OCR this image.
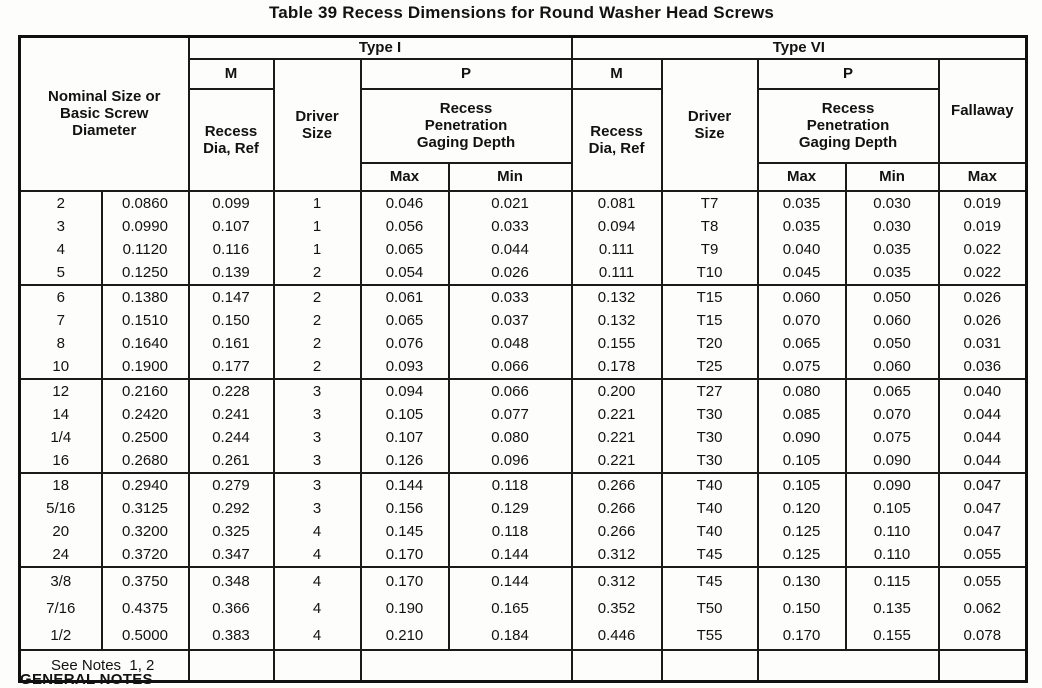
Table 39 Recess Dimensions for Round Washer Head Screws
Nominal Size or Basic Screw Diameter		Type I				Type VI				
		M	Driver Size	P		M	Driver Size	P		Fallaway
		Recess Dia, Ref		Recess Penetration Gaging Depth		Recess Dia, Ref		Recess Penetration Gaging Depth		
				Max	Min			Max	Min	Max
2	0.0860	0.099	1	0.046	0.021	0.081	T7	0.035	0.030	0.019
3	0.0990	0.107	1	0.056	0.033	0.094	T8	0.035	0.030	0.019
4	0.1120	0.116	1	0.065	0.044	0.111	T9	0.040	0.035	0.022
5	0.1250	0.139	2	0.054	0.026	0.111	T10	0.045	0.035	0.022
6	0.1380	0.147	2	0.061	0.033	0.132	T15	0.060	0.050	0.026
7	0.1510	0.150	2	0.065	0.037	0.132	T15	0.070	0.060	0.026
8	0.1640	0.161	2	0.076	0.048	0.155	T20	0.065	0.050	0.031
10	0.1900	0.177	2	0.093	0.066	0.178	T25	0.075	0.060	0.036
12	0.2160	0.228	3	0.094	0.066	0.200	T27	0.080	0.065	0.040
14	0.2420	0.241	3	0.105	0.077	0.221	T30	0.085	0.070	0.044
1/4	0.2500	0.244	3	0.107	0.080	0.221	T30	0.090	0.075	0.044
16	0.2680	0.261	3	0.126	0.096	0.221	T30	0.105	0.090	0.044
18	0.2940	0.279	3	0.144	0.118	0.266	T40	0.105	0.090	0.047
5/16	0.3125	0.292	3	0.156	0.129	0.266	T40	0.120	0.105	0.047
20	0.3200	0.325	4	0.145	0.118	0.266	T40	0.125	0.110	0.047
24	0.3720	0.347	4	0.170	0.144	0.312	T45	0.125	0.110	0.055
3/8	0.3750	0.348	4	0.170	0.144	0.312	T45	0.130	0.115	0.055
7/16	0.4375	0.366	4	0.190	0.165	0.352	T50	0.150	0.135	0.062
1/2	0.5000	0.383	4	0.210	0.184	0.446	T55	0.170	0.155	0.078
See Notes  1, 2										
GENERAL NOTES
